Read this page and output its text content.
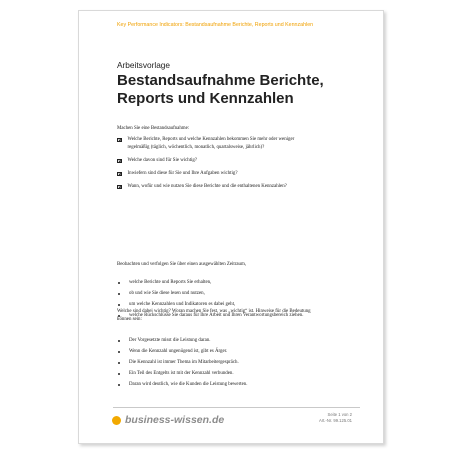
Key Performance Indicators: Bestandsaufnahme Berichte, Reports und Kennzahlen
Arbeitsvorlage
Bestandsaufnahme Berichte,
Reports und Kennzahlen
Machen Sie eine Bestandsaufnahme:
Welche Berichte, Reports und welche Kennzahlen bekommen Sie mehr oder weniger regelmäßig (täglich, wöchentlich, monatlich, quartalsweise, jährlich)?
Welche davon sind für Sie wichtig?
Inwiefern sind diese für Sie und Ihre Aufgaben wichtig?
Wann, wofür und wie nutzen Sie diese Berichte und die enthaltenen Kennzahlen?
Beobachten und verfolgen Sie über einen ausgewählten Zeitraum,
welche Berichte und Reports Sie erhalten,
ob und wie Sie diese lesen und nutzen,
um welche Kennzahlen und Indikatoren es dabei geht,
welche Rückschlüsse Sie daraus für Ihre Arbeit und Ihren Verantwortungsbereich ziehen.
Welche sind dabei wichtig? Woran machen Sie fest, was „wichtig“ ist. Hinweise für die Bedeutung können sein:
Der Vorgesetzte misst die Leistung daran.
Wenn die Kennzahl ungenügend ist, gibt es Ärger.
Die Kennzahl ist immer Thema im Mitarbeitergespräch.
Ein Teil des Entgelts ist mit der Kennzahl verbunden.
Daran wird deutlich, wie die Kunden die Leistung bewerten.
business-wissen.de	Seite 1 von 2
Art.-Nr. 99.125.01
